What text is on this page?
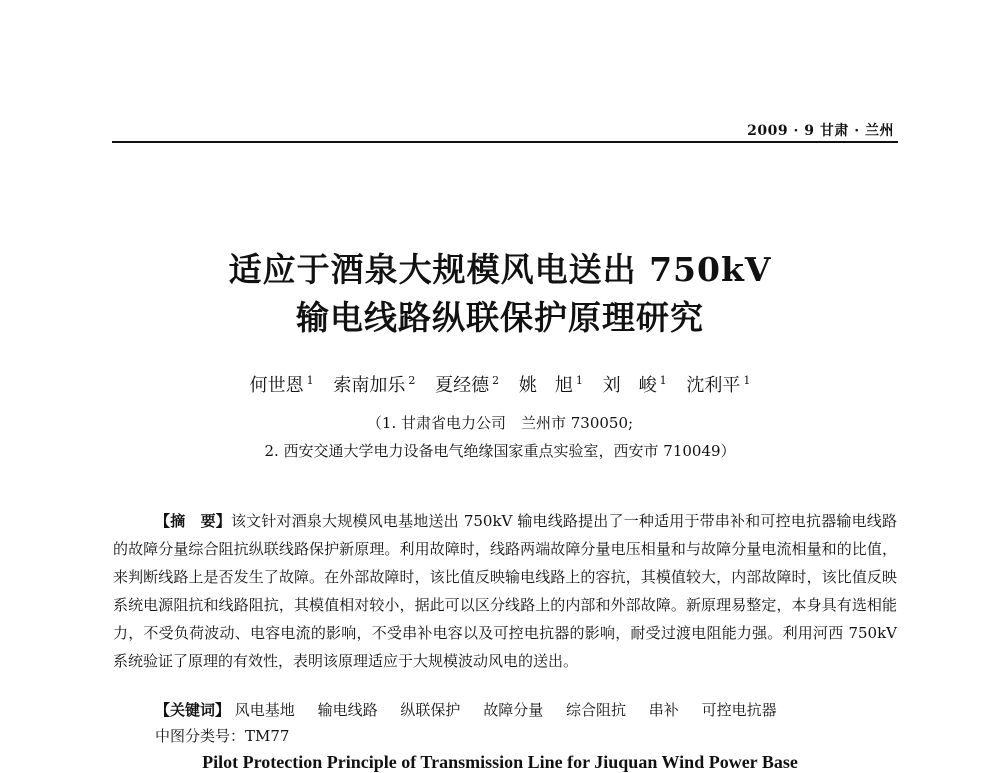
2009 · 9 甘肃 · 兰州
适应于酒泉大规模风电送出 750kV
输电线路纵联保护原理研究
何世恩 $^1$ 索南加乐 $^2$ 夏经德 $^2$ 姚　旭 $^1$ 刘　峻 $^1$ 沈利平 $^1$
（1. 甘肃省电力公司　兰州市 730050;
2. 西安交通大学电力设备电气绝缘国家重点实验室，西安市 710049）
【摘　要】该文针对酒泉大规模风电基地送出 750kV 输电线路提出了一种适用于带串补和可控电抗器输电线路的故障分量综合阻抗纵联线路保护新原理。利用故障时，线路两端故障分量电压相量和与故障分量电流相量和的比值，来判断线路上是否发生了故障。在外部故障时，该比值反映输电线路上的容抗，其模值较大，内部故障时，该比值反映系统电源阻抗和线路阻抗，其模值相对较小，据此可以区分线路上的内部和外部故障。新原理易整定，本身具有选相能力，不受负荷波动、电容电流的影响，不受串补电容以及可控电抗器的影响，耐受过渡电阻能力强。利用河西 750kV 系统验证了原理的有效性，表明该原理适应于大规模波动风电的送出。
【关键词】 风电基地 输电线路 纵联保护 故障分量 综合阻抗 串补 可控电抗器
中图分类号：TM77
Pilot Protection Principle of Transmission Line for Jiuquan Wind Power Base
